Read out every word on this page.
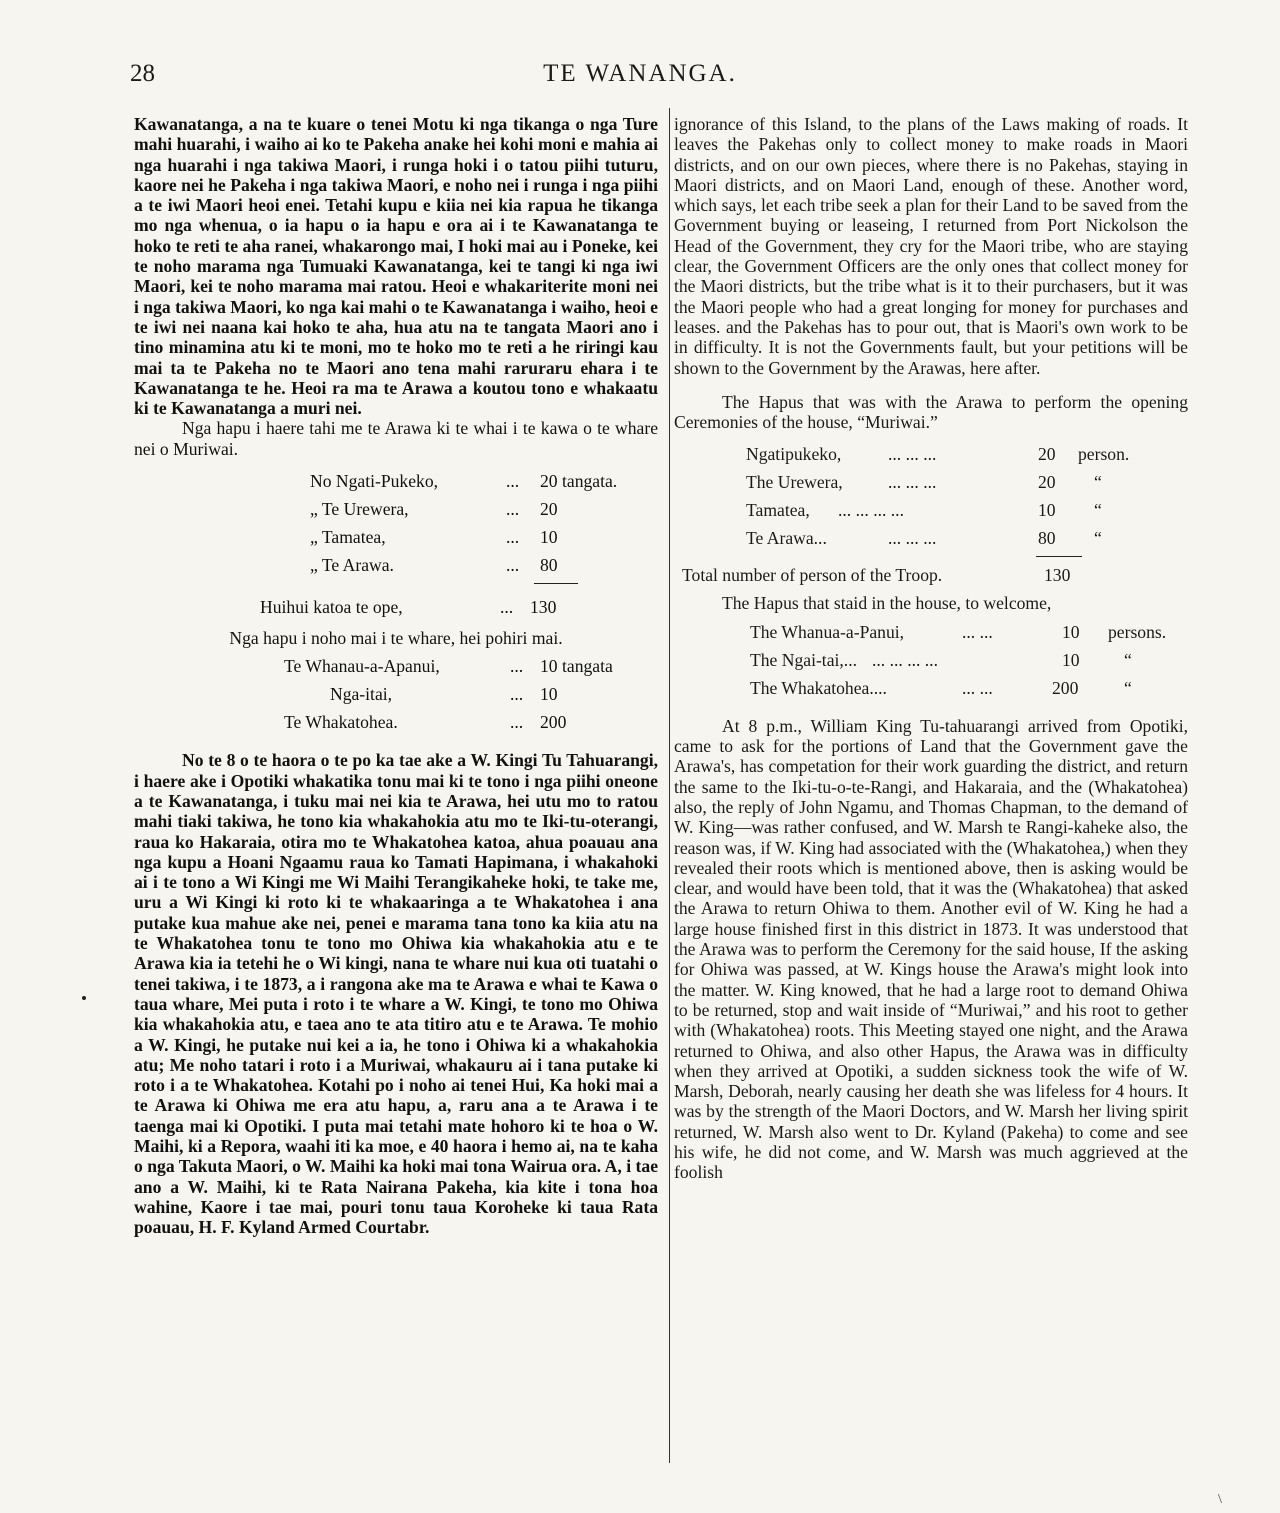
28	TE WANANGA.

Kawanatanga, a na te kuare o tenei Motu ki nga tikanga o nga Ture mahi huarahi, i waiho ai ko te Pakeha anake hei kohi moni e mahia ai nga huarahi i nga takiwa Maori, i runga hoki i o tatou piihi tuturu, kaore nei he Pakeha i nga takiwa Maori, e noho nei i runga i nga piihi a te iwi Maori heoi enei. Tetahi kupu e kiia nei kia rapua he tikanga mo nga whenua, o ia hapu o ia hapu e ora ai i te Kawanatanga te hoko te reti te aha ranei, whakarongo mai, I hoki mai au i Poneke, kei te noho marama nga Tumuaki Kawanatanga, kei te tangi ki nga iwi Maori, kei te noho marama mai ratou. Heoi e whakariterite moni nei i nga takiwa Maori, ko nga kai mahi o te Kawanatanga i waiho, heoi e te iwi nei naana kai hoko te aha, hua atu na te tangata Maori ano i tino minamina atu ki te moni, mo te hoko mo te reti a he riringi kau mai ta te Pakeha no te Maori ano tena mahi raruraru ehara i te Kawanatanga te he. Heoi ra ma te Arawa a koutou tono e whakaatu ki te Kawanatanga a muri nei.

Nga hapu i haere tahi me te Arawa ki te whai i te kawa o te whare nei o Muriwai.

No Ngati-Pukeko,	...	20 tangata.
„ Te Urewera,	...	20
„ Tamatea,	...	10
„ Te Arawa.	...	80
Huihui katoa te ope,	... 130

Nga hapu i noho mai i te whare, hei pohiri mai.

Te Whanau-a-Apanui,	... 10 tangata
Nga-itai,	... 10
Te Whakatohea.	... 200

No te 8 o te haora o te po ka tae ake a W. Kingi Tu Tahuarangi, i haere ake i Opotiki whakatika tonu mai ki te tono i nga piihi oneone a te Kawanatanga, i tuku mai nei kia te Arawa, hei utu mo to ratou mahi tiaki takiwa, he tono kia whakahokia atu mo te Iki-tu-oterangi, raua ko Hakaraia, otira mo te Whakatohea katoa, ahua poauau ana nga kupu a Hoani Ngaamu raua ko Tamati Hapimana, i whakahoki ai i te tono a Wi Kingi me Wi Maihi Terangikaheke hoki, te take me, uru a Wi Kingi ki roto ki te whakaaringa a te Whakatohea i ana putake kua mahue ake nei, penei e marama tana tono ka kiia atu na te Whakatohea tonu te tono mo Ohiwa kia whakahokia atu e te Arawa kia ia tetehi he o Wi kingi, nana te whare nui kua oti tuatahi o tenei takiwa, i te 1873, a i rangona ake ma te Arawa e whai te Kawa o taua whare, Mei puta i roto i te whare a W. Kingi, te tono mo Ohiwa kia whakahokia atu, e taea ano te ata titiro atu e te Arawa. Te mohio a W. Kingi, he putake nui kei a ia, he tono i Ohiwa ki a whakahokia atu; Me noho tatari i roto i a Muriwai, whakauru ai i tana putake ki roto i a te Whakatohea. Kotahi po i noho ai tenei Hui, Ka hoki mai a te Arawa ki Ohiwa me era atu hapu, a, raru ana a te Arawa i te taenga mai ki Opotiki. I puta mai tetahi mate hohoro ki te hoa o W. Maihi, ki a Repora, waahi iti ka moe, e 40 haora i hemo ai, na te kaha o nga Takuta Maori, o W. Maihi ka hoki mai tona Wairua ora. A, i tae ano a W. Maihi, ki te Rata Nairana Pakeha, kia kite i tona hoa wahine, Kaore i tae mai, pouri tonu taua Koroheke ki taua Rata poauau, H. F. Kyland Armed Courtabr.

ignorance of this Island, to the plans of the Laws making of roads. It leaves the Pakehas only to collect money to make roads in Maori districts, and on our own pieces, where there is no Pakehas, staying in Maori districts, and on Maori Land, enough of these. Another word, which says, let each tribe seek a plan for their Land to be saved from the Government buying or leaseing, I returned from Port Nickolson the Head of the Government, they cry for the Maori tribe, who are staying clear, the Government Officers are the only ones that collect money for the Maori districts, but the tribe what is it to their purchasers, but it was the Maori people who had a great longing for money for purchases and leases. and the Pakehas has to pour out, that is Maori's own work to be in difficulty. It is not the Governments fault, but your petitions will be shown to the Government by the Arawas, here after.

The Hapus that was with the Arawa to perform the opening Ceremonies of the house, “Muriwai.”

Ngatipukeko,	... ... ...	20	person.
The Urewera,	... ... ...	20	“
Tamatea,	... ... ... ...	10	“
Te Arawa...	... ... ...	80	“
Total number of person of the Troop.	130

The Hapus that staid in the house, to welcome,

The Whanua-a-Panui,	... ...	10	persons.
The Ngai-tai,... ... ... ... ...	10	“
The Whakatohea....	... ...	200	“

At 8 p.m., William King Tu-tahuarangi arrived from Opotiki, came to ask for the portions of Land that the Government gave the Arawa's, has competation for their work guarding the district, and return the same to the Iki-tu-o-te-Rangi, and Hakaraia, and the (Whakatohea) also, the reply of John Ngamu, and Thomas Chapman, to the demand of W. King—was rather confused, and W. Marsh te Rangi-kaheke also, the reason was, if W. King had associated with the (Whakatohea,) when they revealed their roots which is mentioned above, then is asking would be clear, and would have been told, that it was the (Whakatohea) that asked the Arawa to return Ohiwa to them. Another evil of W. King he had a large house finished first in this district in 1873. It was understood that the Arawa was to perform the Ceremony for the said house, If the asking for Ohiwa was passed, at W. Kings house the Arawa's might look into the matter. W. King knowed, that he had a large root to demand Ohiwa to be returned, stop and wait inside of “Muriwai,” and his root to gether with (Whakatohea) roots. This Meeting stayed one night, and the Arawa returned to Ohiwa, and also other Hapus, the Arawa was in difficulty when they arrived at Opotiki, a sudden sickness took the wife of W. Marsh, Deborah, nearly causing her death she was lifeless for 4 hours. It was by the strength of the Maori Doctors, and W. Marsh her living spirit returned, W. Marsh also went to Dr. Kyland (Pakeha) to come and see his wife, he did not come, and W. Marsh was much aggrieved at the foolish

\
